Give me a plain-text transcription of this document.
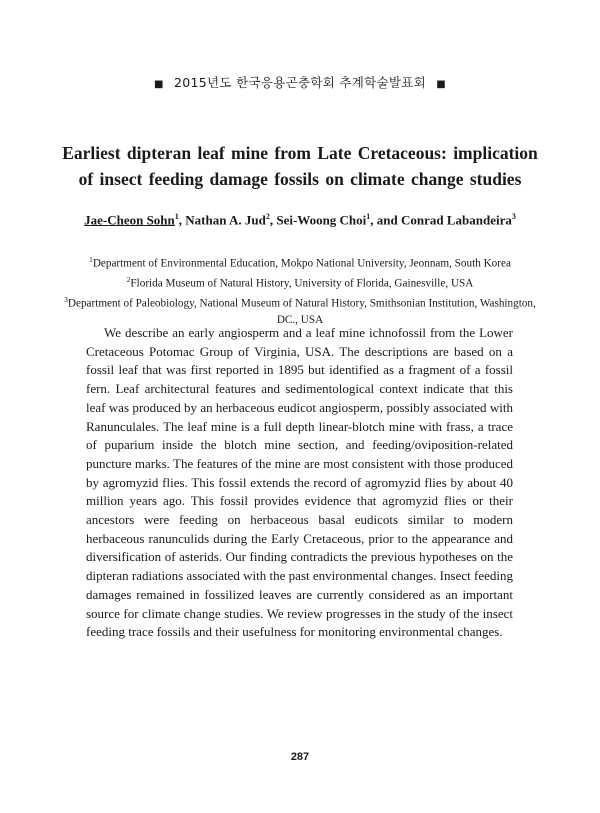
■ 2015년도 한국응용곤충학회 추계학술발표회 ■
Earliest dipteran leaf mine from Late Cretaceous: implication
of insect feeding damage fossils on climate change studies
Jae-Cheon Sohn$^1$, Nathan A. Jud$^2$, Sei-Woong Choi$^1$, and Conrad Labandeira$^3$
$^1$Department of Environmental Education, Mokpo National University, Jeonnam, South Korea
$^2$Florida Museum of Natural History, University of Florida, Gainesville, USA
$^3$Department of Paleobiology, National Museum of Natural History, Smithsonian Institution, Washington, DC., USA

We describe an early angiosperm and a leaf mine ichnofossil from the Lower Cretaceous Potomac Group of Virginia, USA. The descriptions are based on a fossil leaf that was first reported in 1895 but identified as a fragment of a fossil fern. Leaf architectural features and sedimentological context indicate that this leaf was produced by an herbaceous eudicot angiosperm, possibly associated with Ranunculales. The leaf mine is a full depth linear-blotch mine with frass, a trace of puparium inside the blotch mine section, and feeding/oviposition-related puncture marks. The features of the mine are most consistent with those produced by agromyzid flies. This fossil extends the record of agromyzid flies by about 40 million years ago. This fossil provides evidence that agromyzid flies or their ancestors were feeding on herbaceous basal eudicots similar to modern herbaceous ranunculids during the Early Cretaceous, prior to the appearance and diversification of asterids. Our finding contradicts the previous hypotheses on the dipteran radiations associated with the past environmental changes. Insect feeding damages remained in fossilized leaves are currently considered as an important source for climate change studies. We review progresses in the study of the insect feeding trace fossils and their usefulness for monitoring environmental changes.

287
